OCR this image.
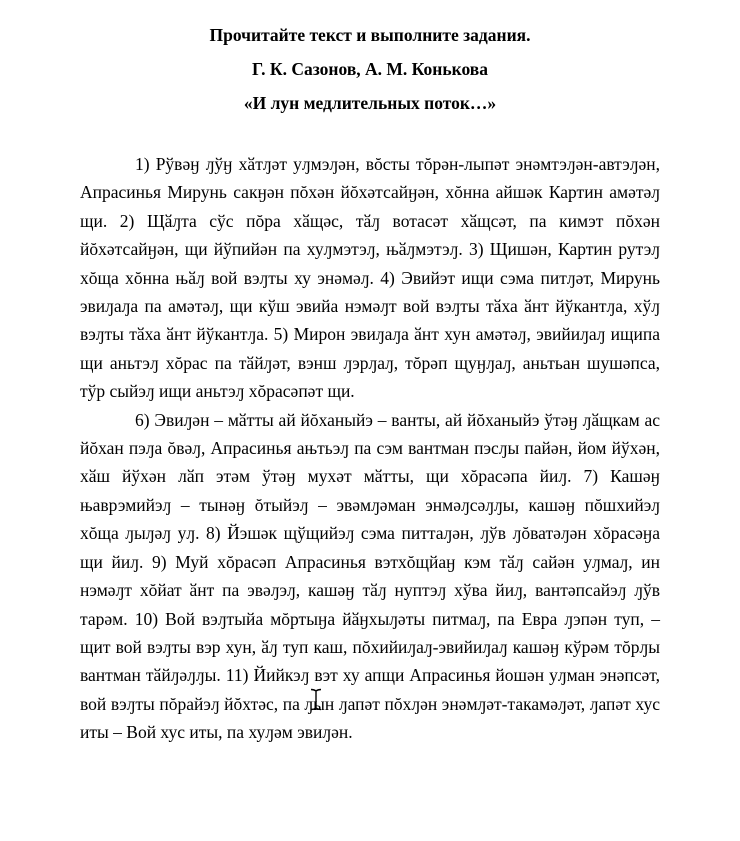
Прочитайте текст и выполните задания.
Г. К. Сазонов, А. М. Конькова
«И лун медлительных поток…»

1) Рўвәӈ ԓўӈ хӑтԓәт уԓмэԓән, вŏсты тŏрән-лыпәт энәмтэԓән-автэԓән, Апрасинья Мирунь сакӈән пŏхән йŏхәтсайӈән, хŏнна айшәк Картин амәтәԓ щи. 2) Щӑԓта сўс пŏра хӑщәс, тӑԓ вотасәт хӑщсәт, па кимэт пŏхән йŏхәтсайӈән, щи йўпийән па хуԓмэтэԓ, њӑԓмэтэԓ. 3) Щишән, Картин рутэԓ хŏща хŏнна њӑԓ вой вэԓты ху энәмәԓ. 4) Эвийэт ищи сэма питԓәт, Мирунь эвиԓаԓа па амәтәԓ, щи кўш эвийа нэмәԓт вой вэԓты тӑха ӑнт йўкантԓа, хўԓ вэԓты тӑха ӑнт йўкантԓа. 5) Мирон эвиԓаԓа ӑнт хун амәтәԓ, эвийиԓаԓ ищипа щи аньтэԓ хŏрас па тӑйԓәт, вэнш ԓэрԓаԓ, тŏрәп щуӈԓаԓ, аньтьан шушәпса, тўр сыйэԓ ищи аньтэԓ хŏрасәпәт щи.

6) Эвиԓән – мӑтты ай йŏханыйэ – ванты, ай йŏханыйэ ўтәӈ ԓӑщкам ас йŏхан пэԓа ŏвәԓ, Апрасинья ањтьэԓ па сэм вантман пэсԓы пайән, йом йўхән, хӑш йўхән лӑп этәм ўтәӈ мухәт мӑтты, щи хŏрасәпа йиԓ. 7) Кашәӈ њаврэмийэԓ – тынәӈ ŏтыйэԓ – эвәмԓәман энмәԓсәԓԓы, кашәӈ пŏшхийэԓ хŏща ԓыԓәԓ уԓ. 8) Йэшәк щўщийэԓ сэма питтаԓән, ԓўв ԓŏватәԓән хŏрасәӈа щи йиԓ. 9) Муй хŏрасәп Апрасинья вэтхŏщйаӈ кэм тӑԓ сайән уԓмаԓ, ин нэмәԓт хŏйат ӑнт па эвәԓэԓ, кашәӈ тӑԓ нуптэԓ хўва йиԓ, вантәпсайэԓ ԓўв тарәм. 10) Вой вэԓтыйа мŏртыӈа йӑӈхыԓәты питмаԓ, па Евра ԓэпән туп, – щит вой вэԓты вэр хун, ӑԓ туп каш, пŏхийиԓаԓ-эвийиԓаԓ кашәӈ кўрәм тŏрԓы вантман тӑйԓәԓԓы. 11) Йийкэԓ вэт ху апщи Апрасинья йошән уԓман энәпсәт, вой вэԓты пŏрайэԓ йŏхтәс, па ԓын ԓапәт пŏхԓән энәмԓәт-такамәԓәт, ԓапәт хус иты – Вой хус иты, па хуԓәм эвиԓән.
